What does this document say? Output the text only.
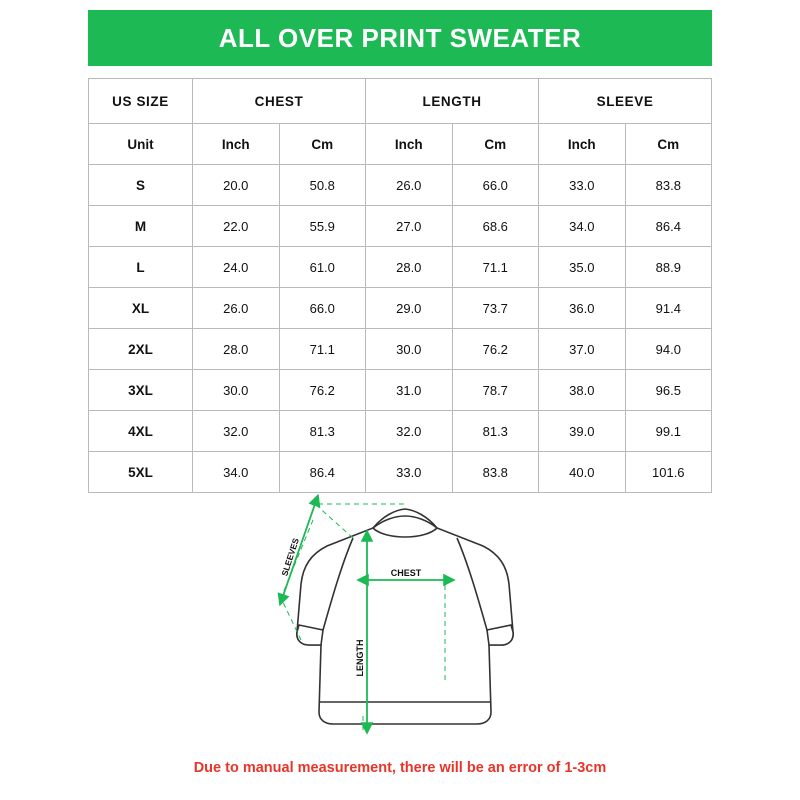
ALL OVER PRINT SWEATER
US SIZE	CHEST		LENGTH		SLEEVE	
Unit	Inch	Cm	Inch	Cm	Inch	Cm
S	20.0	50.8	26.0	66.0	33.0	83.8
M	22.0	55.9	27.0	68.6	34.0	86.4
L	24.0	61.0	28.0	71.1	35.0	88.9
XL	26.0	66.0	29.0	73.7	36.0	91.4
2XL	28.0	71.1	30.0	76.2	37.0	94.0
3XL	30.0	76.2	31.0	78.7	38.0	96.5
4XL	32.0	81.3	32.0	81.3	39.0	99.1
5XL	34.0	86.4	33.0	83.8	40.0	101.6
SLEEVES	CHEST
LENGTH
Due to manual measurement, there will be an error of 1-3cm
